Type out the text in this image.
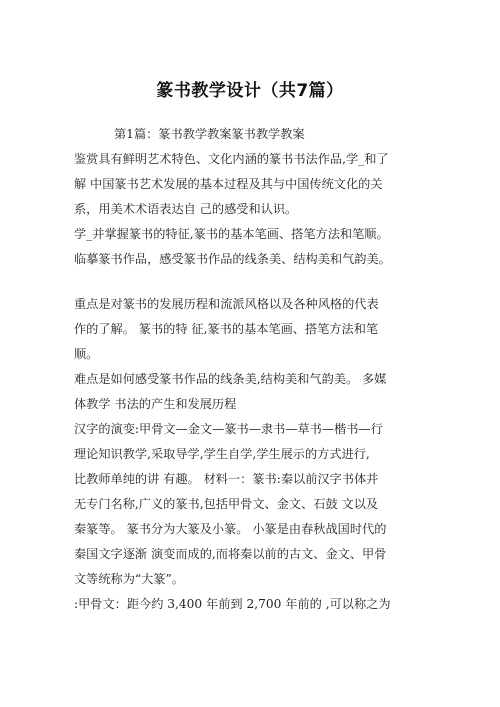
篆书教学设计（共7篇）
第1篇：篆书教学教案篆书教学教案
鉴赏具有鲜明艺术特色、文化内涵的篆书书法作品,学_和了
解 中国篆书艺术发展的基本过程及其与中国传统文化的关
系，用美术术语表达自 己的感受和认识。
学_并掌握篆书的特征,篆书的基本笔画、搭笔方法和笔顺。
临摹篆书作品，感受篆书作品的线条美、结构美和气韵美。
重点是对篆书的发展历程和流派风格以及各种风格的代表
作的了解。 篆书的特 征,篆书的基本笔画、搭笔方法和笔
顺。
难点是如何感受篆书作品的线条美,结构美和气韵美。 多媒
体教学 书法的产生和发展历程
汉字的演变:甲骨文—金文—篆书—隶书—草书—楷书—行
理论知识教学,采取导学,学生自学,学生展示的方式进行,
比教师单纯的讲 有趣。 材料一：篆书:秦以前汉字书体并
无专门名称,广义的篆书,包括甲骨文、金文、石鼓 文以及
秦篆等。 篆书分为大篆及小篆。 小篆是由春秋战国时代的
秦国文字逐渐 演变而成的,而将秦以前的古文、金文、甲骨
文等统称为“大篆”。
:甲骨文：距今约 3,400 年前到 2,700 年前的 ,可以称之为
